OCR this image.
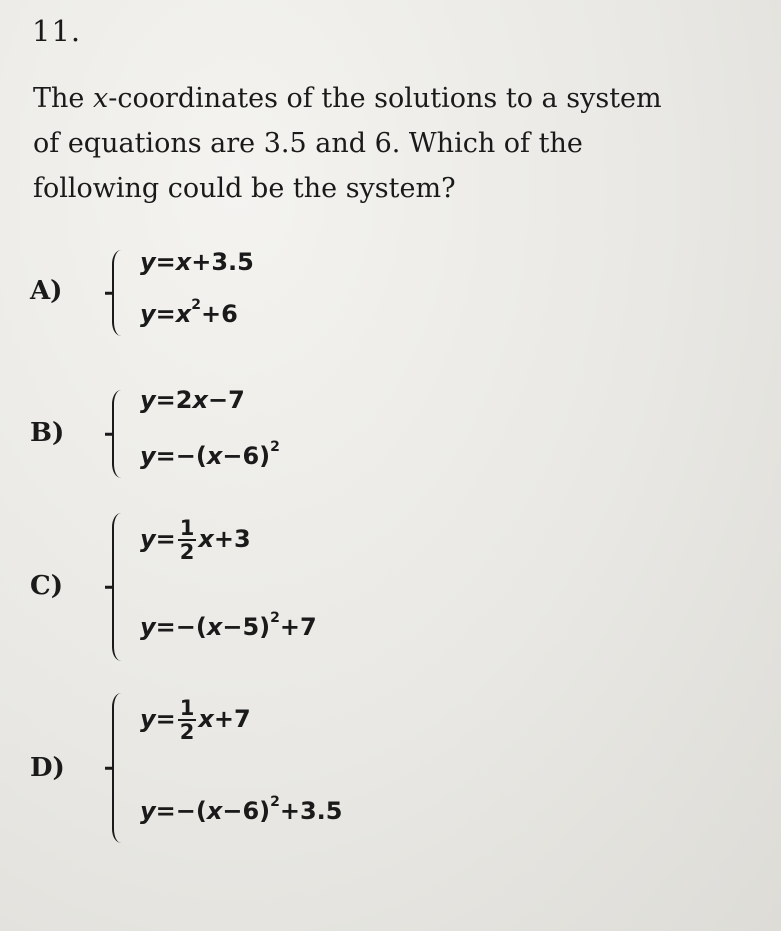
11.
The x-coordinates of the solutions to a system
of equations are 3.5 and 6. Which of the
following could be the system?
A)
y=x+3.5
$y=x^2+6$
B)
y=2x−7
$y=-(x-6)^2$
C)
$y= \frac{1}{2} x+3$
$y=-(x-5)^2+7$
D)
$y= \frac{1}{2} x+7$
$y=-(x-6)^2+3.5$
